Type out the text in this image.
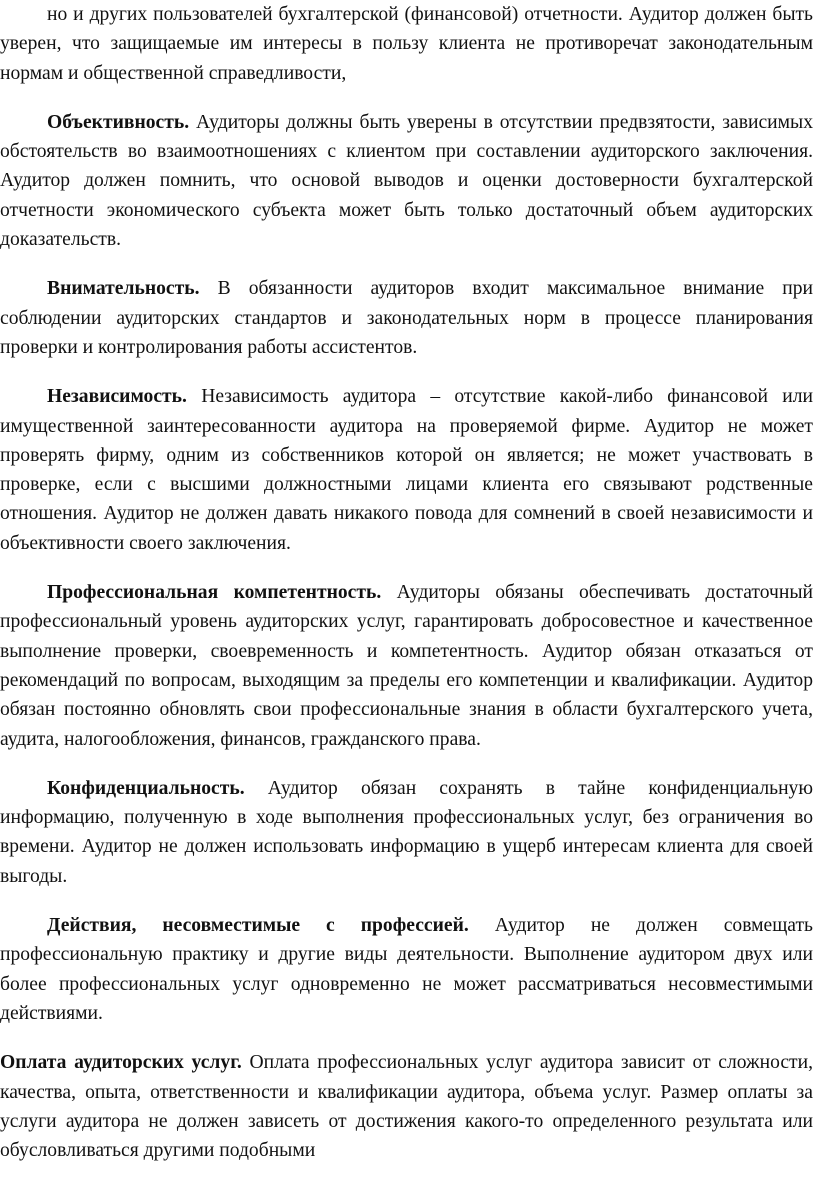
но и других пользователей бухгалтерской (финансовой) отчетности. Аудитор должен быть уверен, что защищаемые им интересы в пользу клиента не противоречат законодательным нормам и общественной справедливости,

Объективность. Аудиторы должны быть уверены в отсутствии предвзятости, зависимых обстоятельств во взаимоотношениях с клиентом при составлении аудиторского заключения. Аудитор должен помнить, что основой выводов и оценки достоверности бухгалтерской отчетности экономического субъекта может быть только достаточный объем аудиторских доказательств.

Внимательность. В обязанности аудиторов входит максимальное внимание при соблюдении аудиторских стандартов и законодательных норм в процессе планирования проверки и контролирования работы ассистентов.

Независимость. Независимость аудитора – отсутствие какой-либо финансовой или имущественной заинтересованности аудитора на проверяемой фирме. Аудитор не может проверять фирму, одним из собственников которой он является; не может участвовать в проверке, если с высшими должностными лицами клиента его связывают родственные отношения. Аудитор не должен давать никакого повода для сомнений в своей независимости и объективности своего заключения.

Профессиональная компетентность. Аудиторы обязаны обеспечивать достаточный профессиональный уровень аудиторских услуг, гарантировать добросовестное и качественное выполнение проверки, своевременность и компетентность. Аудитор обязан отказаться от рекомендаций по вопросам, выходящим за пределы его компетенции и квалификации. Аудитор обязан постоянно обновлять свои профессиональные знания в области бухгалтерского учета, аудита, налогообложения, финансов, гражданского права.

Конфиденциальность. Аудитор обязан сохранять в тайне конфиденциальную информацию, полученную в ходе выполнения профессиональных услуг, без ограничения во времени. Аудитор не должен использовать информацию в ущерб интересам клиента для своей выгоды.

Действия, несовместимые с профессией. Аудитор не должен совмещать профессиональную практику и другие виды деятельности. Выполнение аудитором двух или более профессиональных услуг одновременно не может рассматриваться несовместимыми действиями.

Оплата аудиторских услуг. Оплата профессиональных услуг аудитора зависит от сложности, качества, опыта, ответственности и квалификации аудитора, объема услуг. Размер оплаты за услуги аудитора не должен зависеть от достижения какого-то определенного результата или обусловливаться другими подобными
